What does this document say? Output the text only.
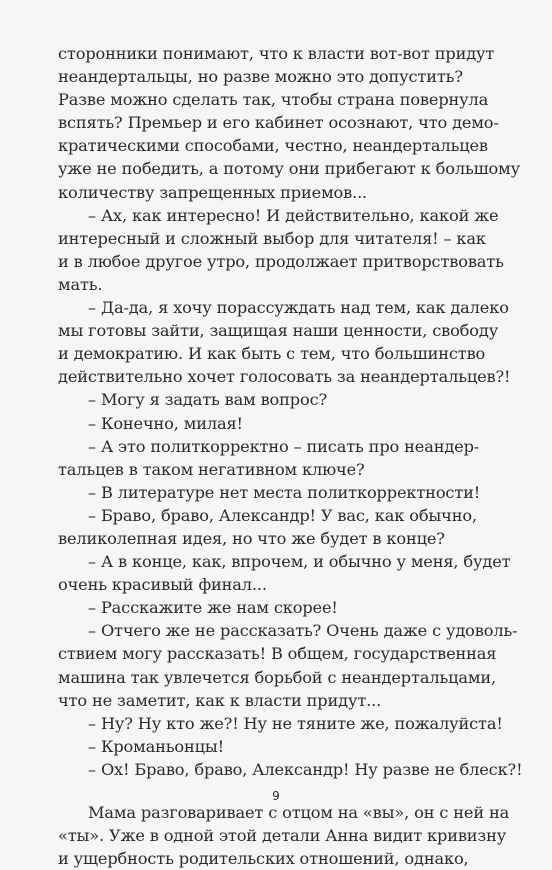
сторонники понимают, что к власти вот-вот придут
неандертальцы, но разве можно это допустить?
Разве можно сделать так, чтобы страна повернула
вспять? Премьер и его кабинет осознают, что демо-
кратическими способами, честно, неандертальцев
уже не победить, а потому они прибегают к большому
количеству запрещенных приемов...
– Ах, как интересно! И действительно, какой же
интересный и сложный выбор для читателя! – как
и в любое другое утро, продолжает притворствовать
мать.
– Да-да, я хочу порассуждать над тем, как далеко
мы готовы зайти, защищая наши ценности, свободу
и демократию. И как быть с тем, что большинство
действительно хочет голосовать за неандертальцев?!
– Могу я задать вам вопрос?
– Конечно, милая!
– А это политкорректно – писать про неандер-
тальцев в таком негативном ключе?
– В литературе нет места политкорректности!
– Браво, браво, Александр! У вас, как обычно,
великолепная идея, но что же будет в конце?
– А в конце, как, впрочем, и обычно у меня, будет
очень красивый финал...
– Расскажите же нам скорее!
– Отчего же не рассказать? Очень даже с удоволь-
ствием могу рассказать! В общем, государственная
машина так увлечется борьбой с неандертальцами,
что не заметит, как к власти придут...
– Ну? Ну кто же?! Ну не тяните же, пожалуйста!
– Кроманьонцы!
– Ох! Браво, браво, Александр! Ну разве не блеск?!
Мама разговаривает с отцом на «вы», он с ней на
«ты». Уже в одной этой детали Анна видит кривизну
и ущербность родительских отношений, однако,
9
